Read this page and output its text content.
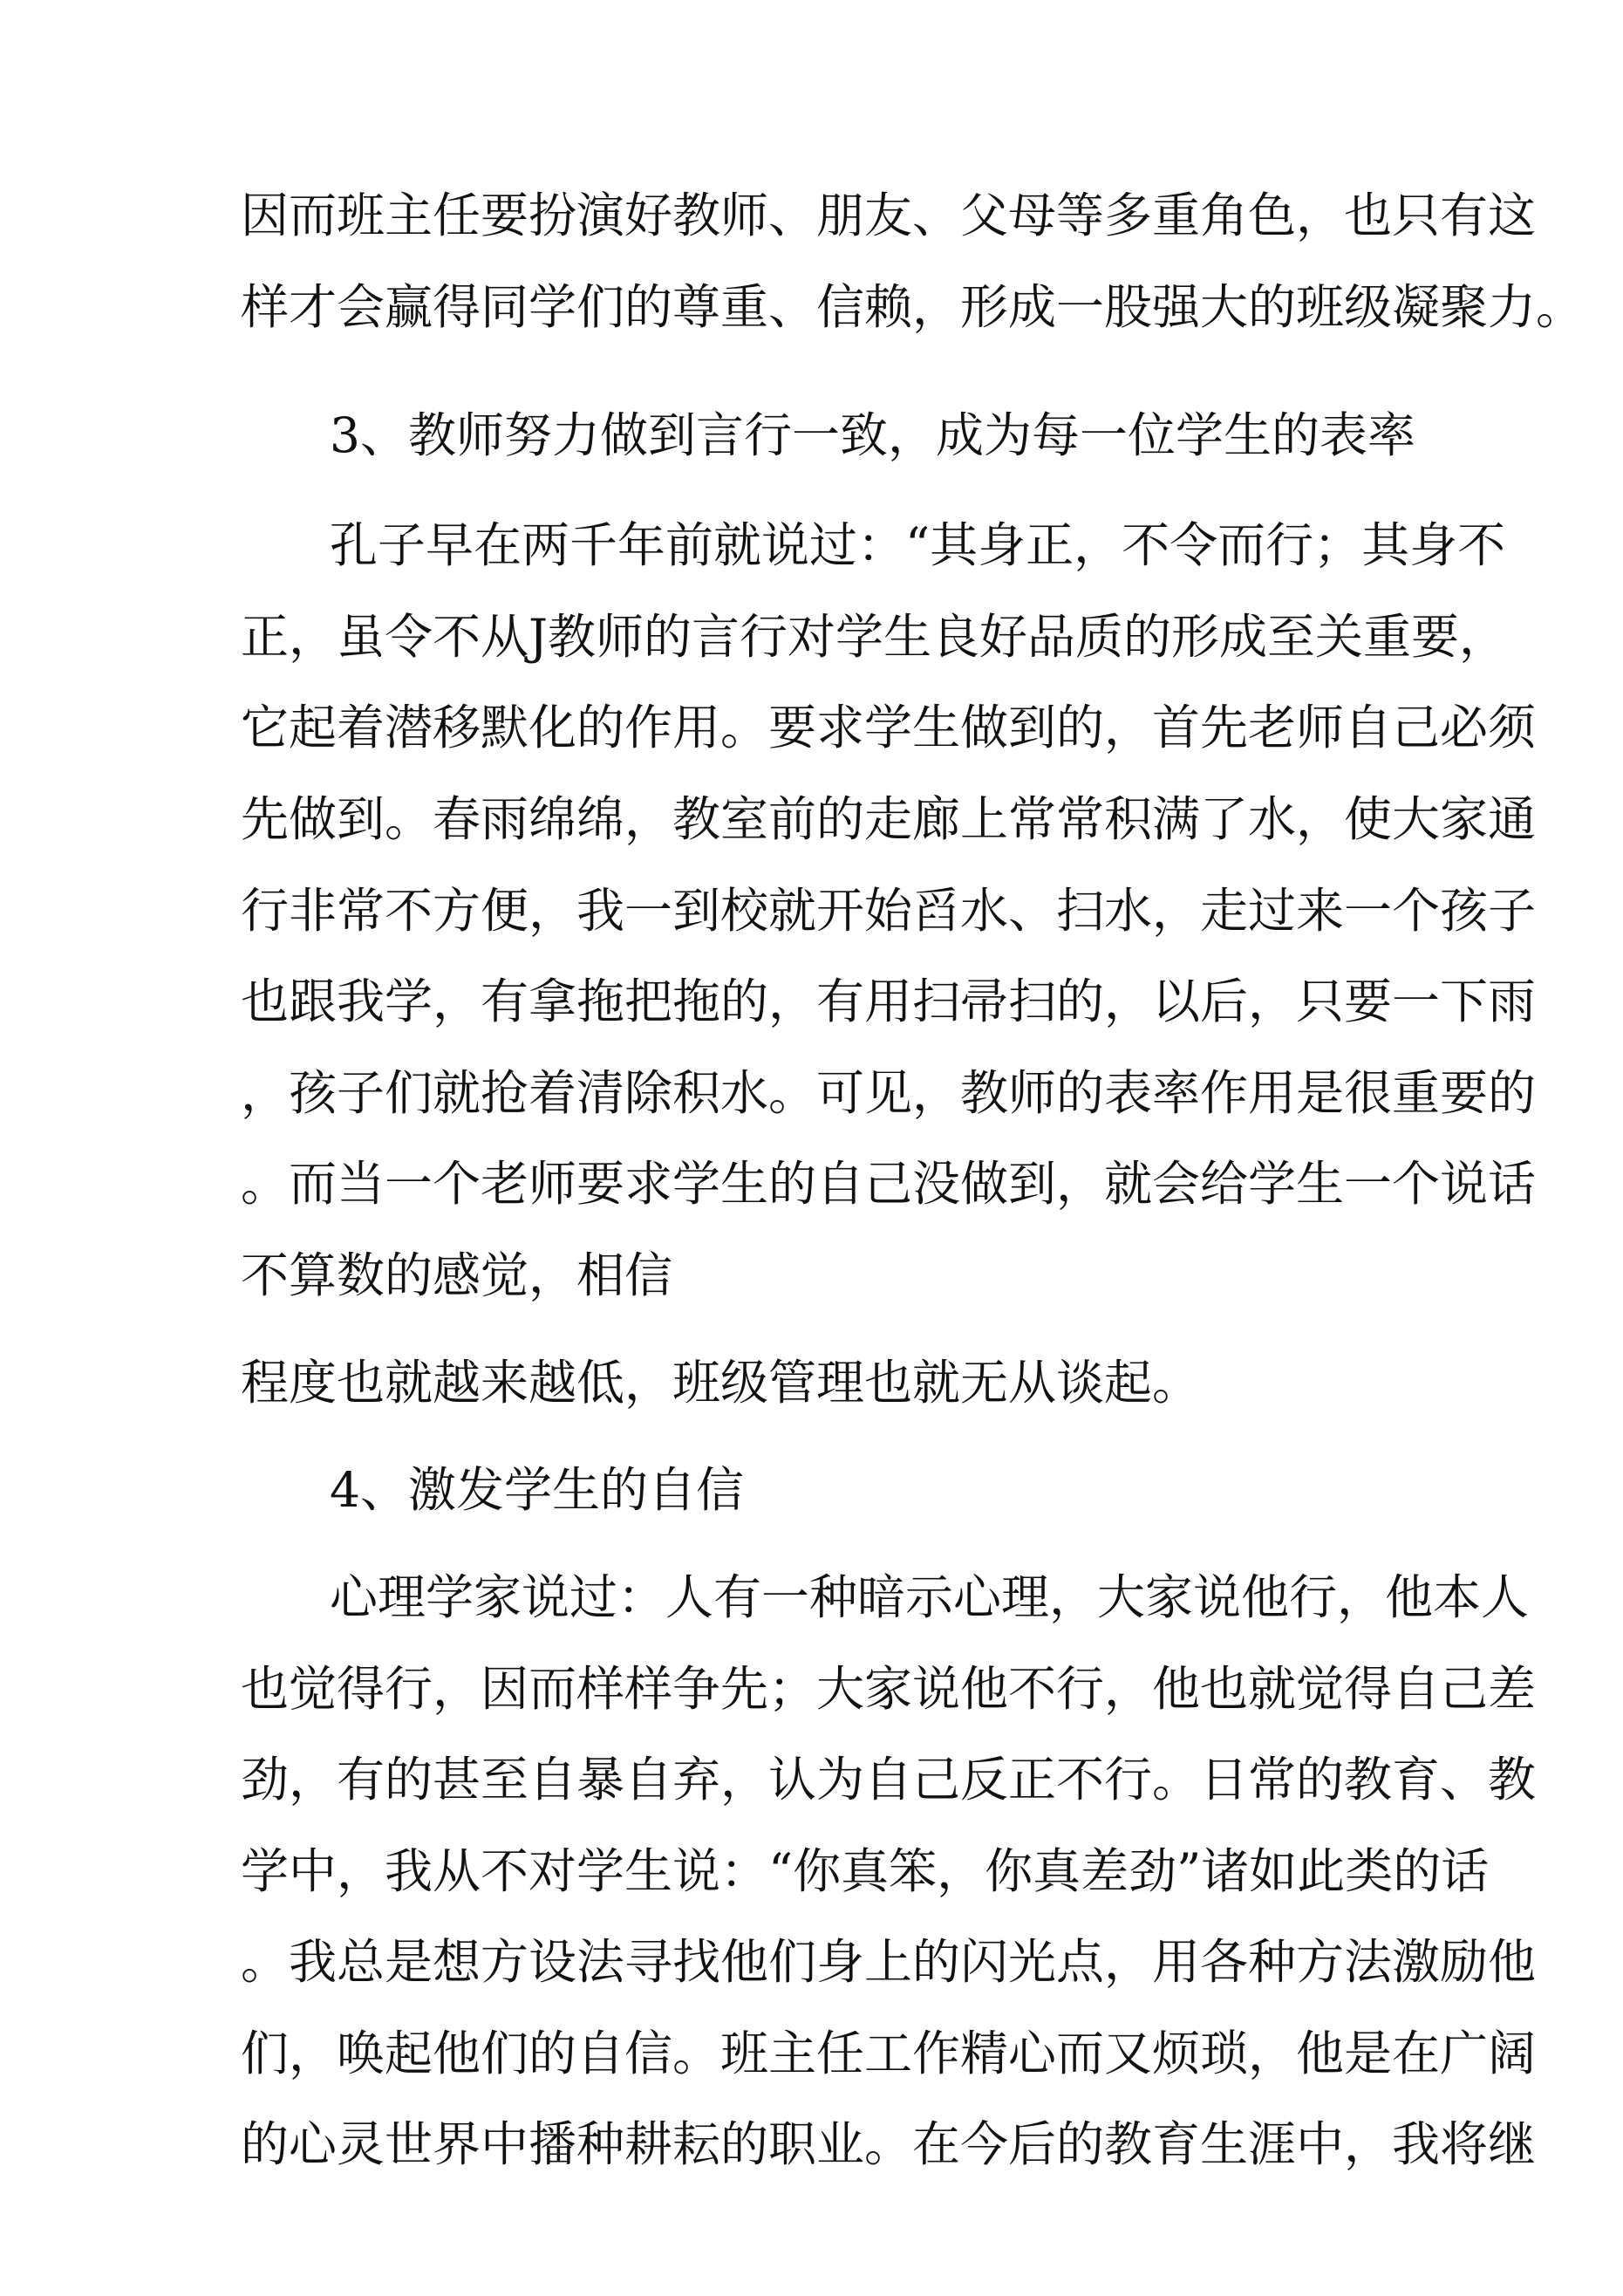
因而班主任要扮演好教师、朋友、父母等多重角色，也只有这
样才会赢得同学们的尊重、信赖，形成一股强大的班级凝聚力。
3、教师努力做到言行一致，成为每一位学生的表率
孔子早在两千年前就说过：“其身正，不令而行；其身不
正，虽令不从J教师的言行对学生良好品质的形成至关重要，
它起着潜移默化的作用。要求学生做到的，首先老师自己必须
先做到。春雨绵绵，教室前的走廊上常常积满了水，使大家通
行非常不方便，我一到校就开始舀水、扫水，走过来一个孩子
也跟我学，有拿拖把拖的，有用扫帚扫的，以后，只要一下雨
，孩子们就抢着清除积水。可见，教师的表率作用是很重要的
。而当一个老师要求学生的自己没做到，就会给学生一个说话
不算数的感觉，相信
程度也就越来越低，班级管理也就无从谈起。
4、激发学生的自信
心理学家说过：人有一种暗示心理，大家说他行，他本人
也觉得行，因而样样争先；大家说他不行，他也就觉得自己差
劲，有的甚至自暴自弃，认为自己反正不行。日常的教育、教
学中，我从不对学生说：“你真笨，你真差劲”诸如此类的话
。我总是想方设法寻找他们身上的闪光点，用各种方法激励他
们，唤起他们的自信。班主任工作精心而又烦琐，他是在广阔
的心灵世界中播种耕耘的职业。在今后的教育生涯中，我将继
